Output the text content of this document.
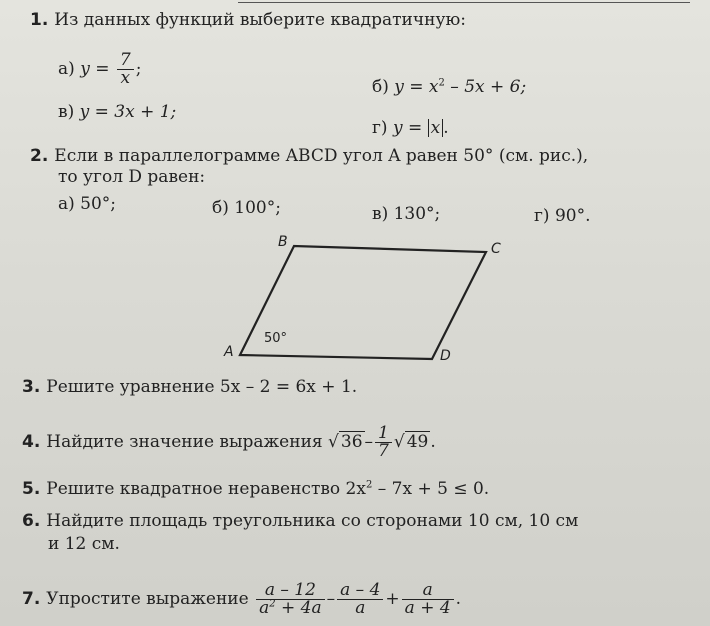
1. Из данных функций выберите квадратичную:
а) $y = \frac{7}{x}$ ;
б) $y = x^2 - 5x + 6$;
в) y = 3x + 1;
г) y = x .
2. Если в параллелограмме ABCD угол A равен 50° (см. рис.),
то угол D равен:
а) 50°;	б) 100°;	в) 130°;	г) 90°.
A
B	C
D
50°
3. Решите уравнение 5x – 2 = 6x + 1.
4. Найдите значение выражения √ $36 - \frac{1}{7}$ √ 49 .
5. Решите квадратное неравенство $2x^2 - 7x + 5 \le 0$.
6. Найдите площадь треугольника со сторонами 10 см, 10 см
и 12 см.
7. Упростите выражение $\frac{a - 12}{a^2 + 4a} - \frac{a - 4}{a} + \frac{a}{a + 4}$ .
